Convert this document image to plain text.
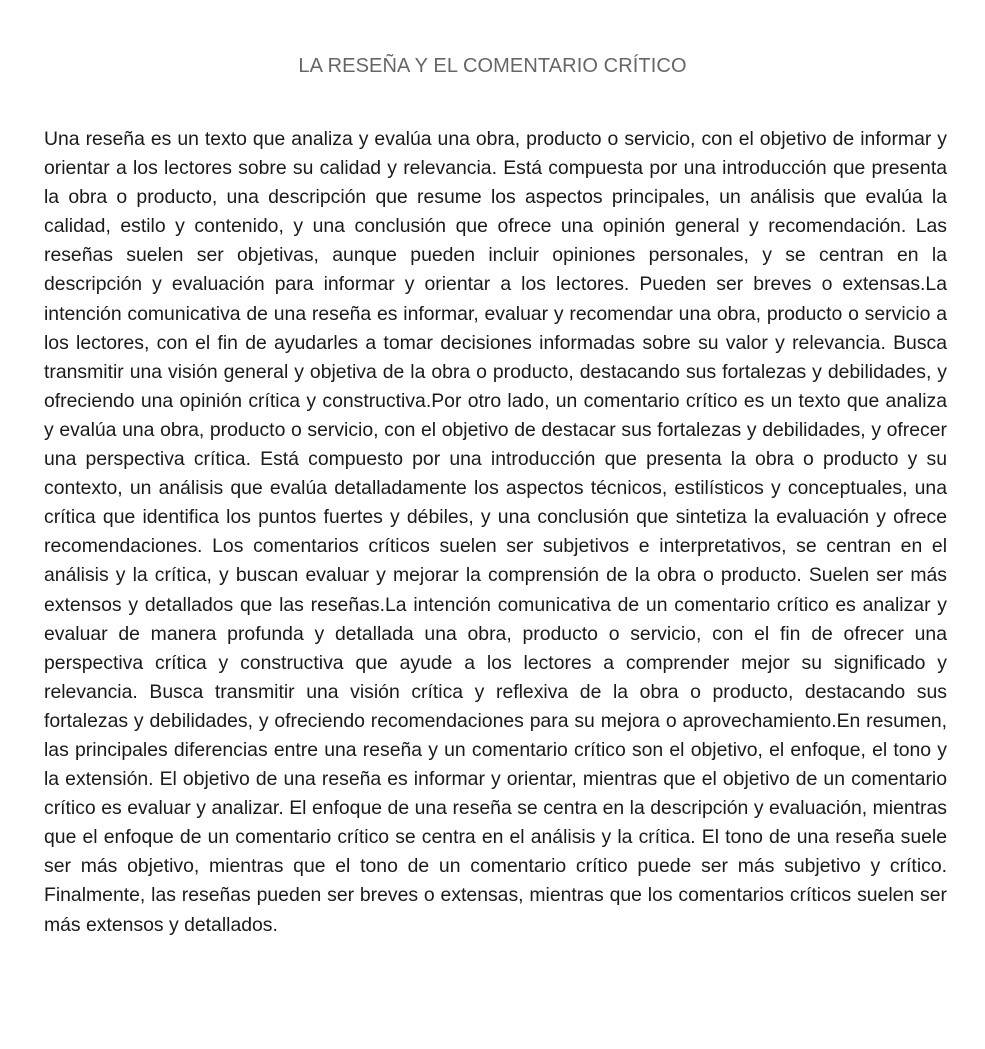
LA RESEÑA Y EL COMENTARIO CRÍTICO

Una reseña es un texto que analiza y evalúa una obra, producto o servicio, con el objetivo de informar y orientar a los lectores sobre su calidad y relevancia. Está compuesta por una introducción que presenta la obra o producto, una descripción que resume los aspectos principales, un análisis que evalúa la calidad, estilo y contenido, y una conclusión que ofrece una opinión general y recomendación. Las reseñas suelen ser objetivas, aunque pueden incluir opiniones personales, y se centran en la descripción y evaluación para informar y orientar a los lectores. Pueden ser breves o extensas.La intención comunicativa de una reseña es informar, evaluar y recomendar una obra, producto o servicio a los lectores, con el fin de ayudarles a tomar decisiones informadas sobre su valor y relevancia. Busca transmitir una visión general y objetiva de la obra o producto, destacando sus fortalezas y debilidades, y ofreciendo una opinión crítica y constructiva.Por otro lado, un comentario crítico es un texto que analiza y evalúa una obra, producto o servicio, con el objetivo de destacar sus fortalezas y debilidades, y ofrecer una perspectiva crítica. Está compuesto por una introducción que presenta la obra o producto y su contexto, un análisis que evalúa detalladamente los aspectos técnicos, estilísticos y conceptuales, una crítica que identifica los puntos fuertes y débiles, y una conclusión que sintetiza la evaluación y ofrece recomendaciones. Los comentarios críticos suelen ser subjetivos e interpretativos, se centran en el análisis y la crítica, y buscan evaluar y mejorar la comprensión de la obra o producto. Suelen ser más extensos y detallados que las reseñas.La intención comunicativa de un comentario crítico es analizar y evaluar de manera profunda y detallada una obra, producto o servicio, con el fin de ofrecer una perspectiva crítica y constructiva que ayude a los lectores a comprender mejor su significado y relevancia. Busca transmitir una visión crítica y reflexiva de la obra o producto, destacando sus fortalezas y debilidades, y ofreciendo recomendaciones para su mejora o aprovechamiento.En resumen, las principales diferencias entre una reseña y un comentario crítico son el objetivo, el enfoque, el tono y la extensión. El objetivo de una reseña es informar y orientar, mientras que el objetivo de un comentario crítico es evaluar y analizar. El enfoque de una reseña se centra en la descripción y evaluación, mientras que el enfoque de un comentario crítico se centra en el análisis y la crítica. El tono de una reseña suele ser más objetivo, mientras que el tono de un comentario crítico puede ser más subjetivo y crítico. Finalmente, las reseñas pueden ser breves o extensas, mientras que los comentarios críticos suelen ser más extensos y detallados.
